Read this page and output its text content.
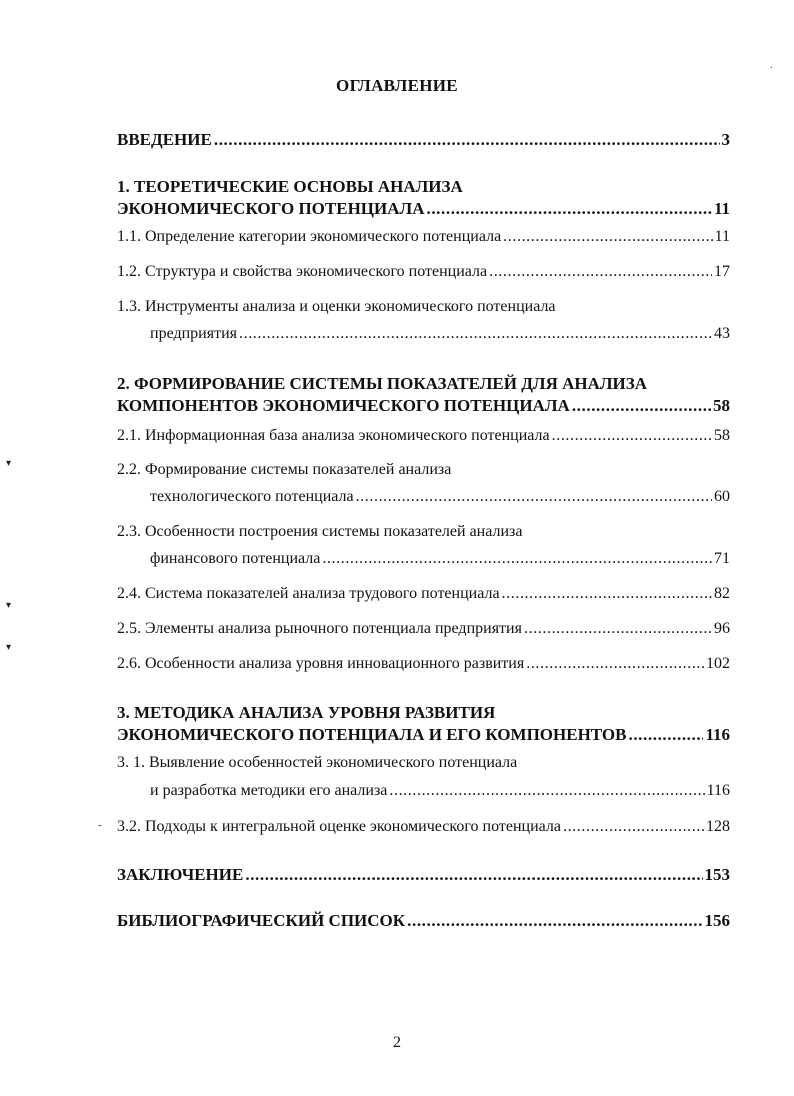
ОГЛАВЛЕНИЕ
ВВЕДЕНИЕ .....	3
1. ТЕОРЕТИЧЕСКИЕ ОСНОВЫ АНАЛИЗА
ЭКОНОМИЧЕСКОГО ПОТЕНЦИАЛА .....	11
1.1. Определение категории экономического потенциала .....	11
1.2. Структура и свойства экономического потенциала .....	17
1.3. Инструменты анализа и оценки экономического потенциала
предприятия .....	43
2. ФОРМИРОВАНИЕ СИСТЕМЫ ПОКАЗАТЕЛЕЙ ДЛЯ АНАЛИЗА
КОМПОНЕНТОВ ЭКОНОМИЧЕСКОГО ПОТЕНЦИАЛА .....	58
2.1. Информационная база анализа экономического потенциала .....	58
2.2. Формирование системы показателей анализа
технологического потенциала .....	60
2.3. Особенности построения системы показателей анализа
финансового потенциала .....	71
2.4. Система показателей анализа трудового потенциала .....	82
2.5. Элементы анализа рыночного потенциала предприятия .....	96
2.6. Особенности анализа уровня инновационного развития .....	102
3. МЕТОДИКА АНАЛИЗА УРОВНЯ РАЗВИТИЯ
ЭКОНОМИЧЕСКОГО ПОТЕНЦИАЛА И ЕГО КОМПОНЕНТОВ .....	116
3. 1. Выявление особенностей экономического потенциала
и разработка методики его анализа .....	116
3.2. Подходы к интегральной оценке экономического потенциала .....	128
ЗАКЛЮЧЕНИЕ .....	153
БИБЛИОГРАФИЧЕСКИЙ СПИСОК .....	156
▾
▾
▾
-
.
2
